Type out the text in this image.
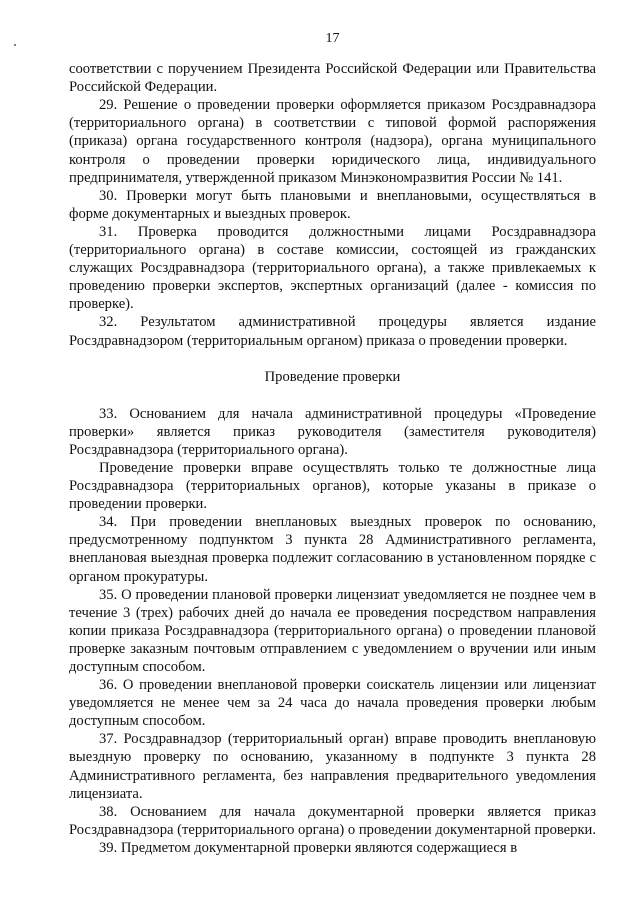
17

соответствии с поручением Президента Российской Федерации или Правительства Российской Федерации.

29. Решение о проведении проверки оформляется приказом Росздравнадзора (территориального органа) в соответствии с типовой формой распоряжения (приказа) органа государственного контроля (надзора), органа муниципального контроля о проведении проверки юридического лица, индивидуального предпринимателя, утвержденной приказом Минэкономразвития России № 141.

30. Проверки могут быть плановыми и внеплановыми, осуществляться в форме документарных и выездных проверок.

31. Проверка проводится должностными лицами Росздравнадзора (территориального органа) в составе комиссии, состоящей из гражданских служащих Росздравнадзора (территориального органа), а также привлекаемых к проведению проверки экспертов, экспертных организаций (далее - комиссия по проверке).

32. Результатом административной процедуры является издание Росздравнадзором (территориальным органом) приказа о проведении проверки.

Проведение проверки

33. Основанием для начала административной процедуры «Проведение проверки» является приказ руководителя (заместителя руководителя) Росздравнадзора (территориального органа).

Проведение проверки вправе осуществлять только те должностные лица Росздравнадзора (территориальных органов), которые указаны в приказе о проведении проверки.

34. При проведении внеплановых выездных проверок по основанию, предусмотренному подпунктом 3 пункта 28 Административного регламента, внеплановая выездная проверка подлежит согласованию в установленном порядке с органом прокуратуры.

35. О проведении плановой проверки лицензиат уведомляется не позднее чем в течение 3 (трех) рабочих дней до начала ее проведения посредством направления копии приказа Росздравнадзора (территориального органа) о проведении плановой проверке заказным почтовым отправлением с уведомлением о вручении или иным доступным способом.

36. О проведении внеплановой проверки соискатель лицензии или лицензиат уведомляется не менее чем за 24 часа до начала проведения проверки любым доступным способом.

37. Росздравнадзор (территориальный орган) вправе проводить внеплановую выездную проверку по основанию, указанному в подпункте 3 пункта 28 Административного регламента, без направления предварительного уведомления лицензиата.

38. Основанием для начала документарной проверки является приказ Росздравнадзора (территориального органа) о проведении документарной проверки.

39. Предметом документарной проверки являются содержащиеся в
